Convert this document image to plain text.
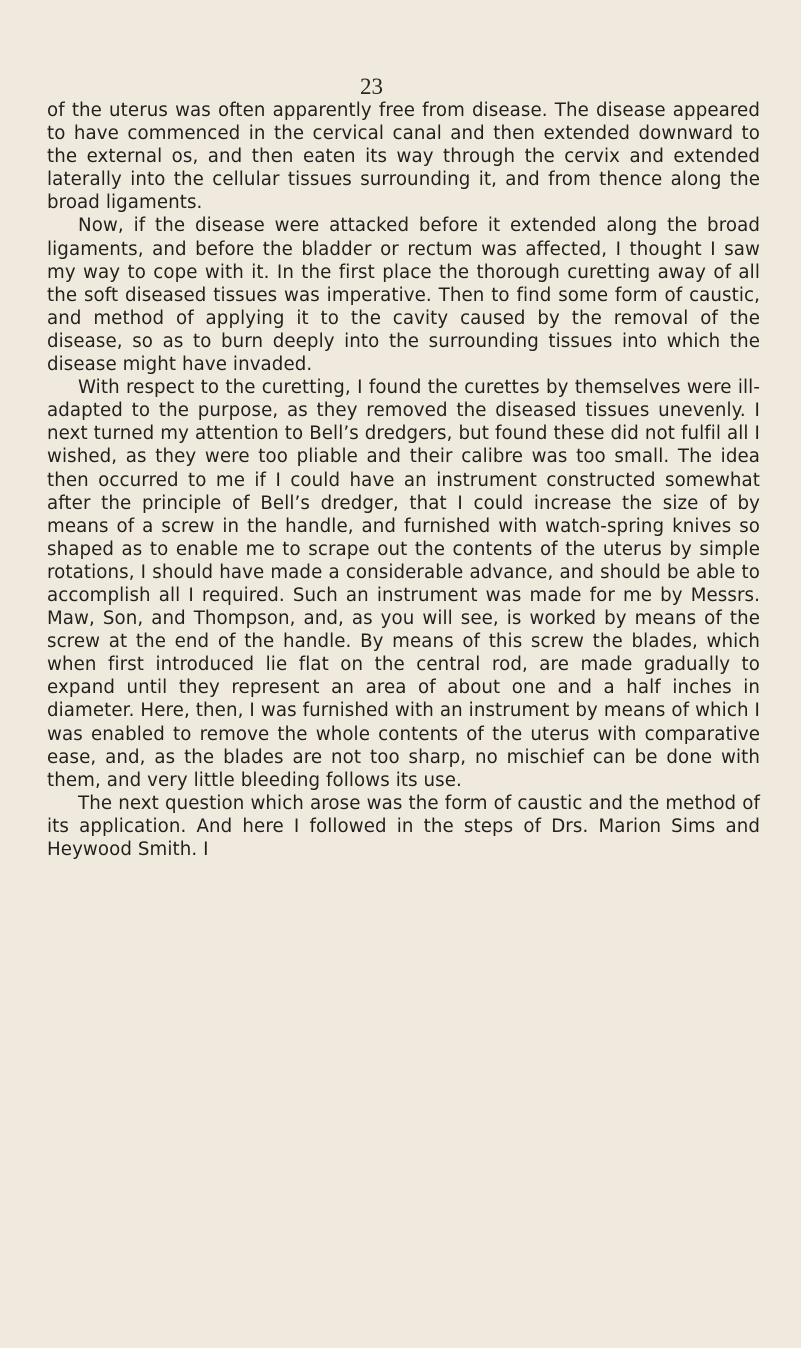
23

of the uterus was often apparently free from disease. The disease appeared to have commenced in the cervical canal and then extended downward to the external os, and then eaten its way through the cervix and extended laterally into the cellular tissues surrounding it, and from thence along the broad ligaments.

Now, if the disease were attacked before it extended along the broad ligaments, and before the bladder or rectum was affected, I thought I saw my way to cope with it. In the first place the thorough curetting away of all the soft diseased tissues was imperative. Then to find some form of caustic, and method of applying it to the cavity caused by the removal of the disease, so as to burn deeply into the surrounding tissues into which the disease might have invaded.

With respect to the curetting, I found the curettes by themselves were ill-adapted to the purpose, as they removed the diseased tissues unevenly. I next turned my attention to Bell’s dredgers, but found these did not fulfil all I wished, as they were too pliable and their calibre was too small. The idea then occurred to me if I could have an instrument constructed somewhat after the principle of Bell’s dredger, that I could increase the size of by means of a screw in the handle, and furnished with watch-spring knives so shaped as to enable me to scrape out the contents of the uterus by simple rotations, I should have made a considerable advance, and should be able to accomplish all I required. Such an instrument was made for me by Messrs. Maw, Son, and Thompson, and, as you will see, is worked by means of the screw at the end of the handle. By means of this screw the blades, which when first introduced lie flat on the central rod, are made gradually to expand until they represent an area of about one and a half inches in diameter. Here, then, I was furnished with an instrument by means of which I was enabled to remove the whole contents of the uterus with comparative ease, and, as the blades are not too sharp, no mischief can be done with them, and very little bleeding follows its use.

The next question which arose was the form of caustic and the method of its application. And here I followed in the steps of Drs. Marion Sims and Heywood Smith. I
